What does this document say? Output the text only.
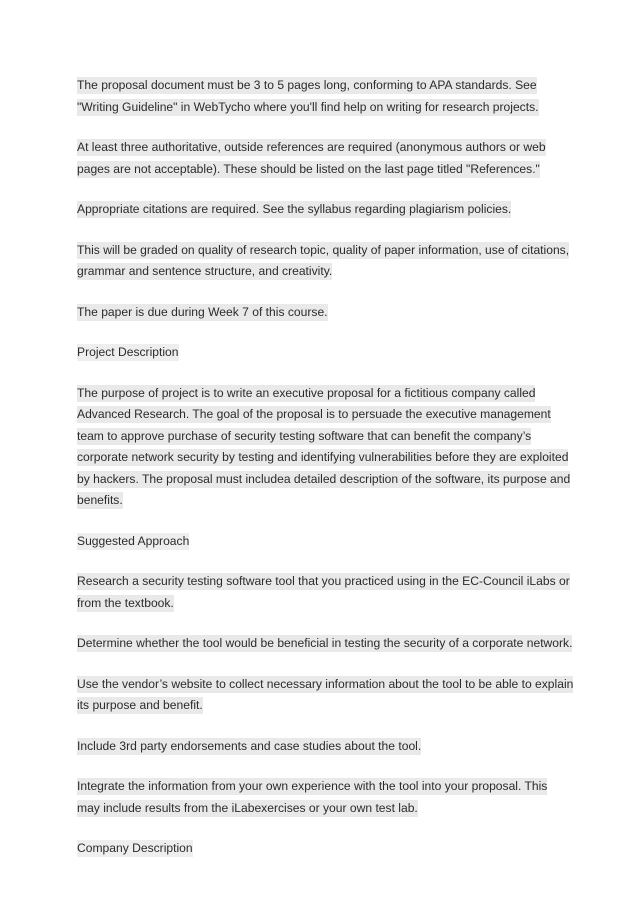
The proposal document must be 3 to 5 pages long, conforming to APA standards. See
"Writing Guideline" in WebTycho where you'll find help on writing for research projects.
At least three authoritative, outside references are required (anonymous authors or web
pages are not acceptable). These should be listed on the last page titled "References."
Appropriate citations are required. See the syllabus regarding plagiarism policies.
This will be graded on quality of research topic, quality of paper information, use of citations,
grammar and sentence structure, and creativity.
The paper is due during Week 7 of this course.
Project Description
The purpose of project is to write an executive proposal for a fictitious company called
Advanced Research. The goal of the proposal is to persuade the executive management
team to approve purchase of security testing software that can benefit the company’s
corporate network security by testing and identifying vulnerabilities before they are exploited
by hackers. The proposal must includea detailed description of the software, its purpose and
benefits.
Suggested Approach
Research a security testing software tool that you practiced using in the EC-Council iLabs or
from the textbook.
Determine whether the tool would be beneficial in testing the security of a corporate network.
Use the vendor’s website to collect necessary information about the tool to be able to explain
its purpose and benefit.
Include 3rd party endorsements and case studies about the tool.
Integrate the information from your own experience with the tool into your proposal. This
may include results from the iLabexercises or your own test lab.
Company Description
